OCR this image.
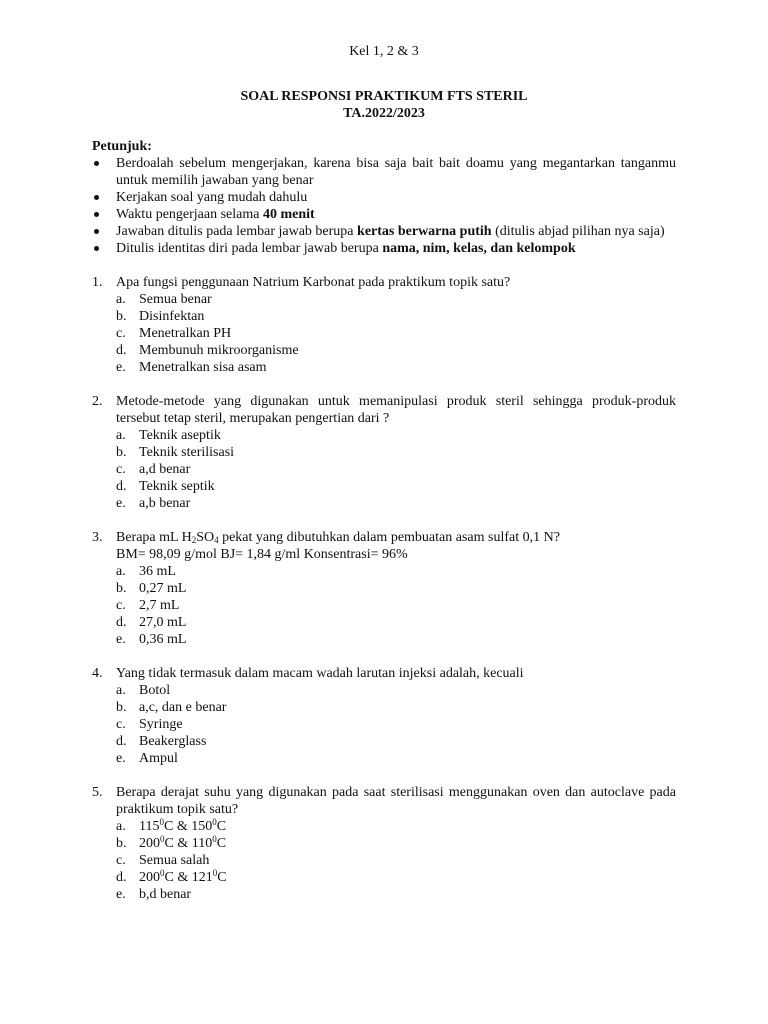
Kel 1, 2 & 3
SOAL RESPONSI PRAKTIKUM FTS STERIL
TA.2022/2023

Petunjuk:

Berdoalah sebelum mengerjakan, karena bisa saja bait bait doamu yang megantarkan tanganmu untuk memilih jawaban yang benar
Kerjakan soal yang mudah dahulu
Waktu pengerjaan selama 40 menit
Jawaban ditulis pada lembar jawab berupa kertas berwarna putih (ditulis abjad pilihan nya saja)
Ditulis identitas diri pada lembar jawab berupa nama, nim, kelas, dan kelompok
1. Apa fungsi penggunaan Natrium Karbonat pada praktikum topik satu?
a. Semua benar
b. Disinfektan
c. Menetralkan PH
d. Membunuh mikroorganisme
e. Menetralkan sisa asam
2. Metode-metode yang digunakan untuk memanipulasi produk steril sehingga produk-produk tersebut tetap steril, merupakan pengertian dari ?
a. Teknik aseptik
b. Teknik sterilisasi
c. a,d benar
d. Teknik septik
e. a,b benar
3. Berapa mL $H_2SO_4$ pekat yang dibutuhkan dalam pembuatan asam sulfat 0,1 N?
BM= 98,09 g/mol BJ= 1,84 g/ml Konsentrasi= 96%
a. 36 mL
b. 0,27 mL
c. 2,7 mL
d. 27,0 mL
e. 0,36 mL
4. Yang tidak termasuk dalam macam wadah larutan injeksi adalah, kecuali
a. Botol
b. a,c, dan e benar
c. Syringe
d. Beakerglass
e. Ampul
5. Berapa derajat suhu yang digunakan pada saat sterilisasi menggunakan oven dan autoclave pada praktikum topik satu?
a. $115^0C$ & $150^0C$
b. $200^0C$ & $110^0C$
c. Semua salah
d. $200^0C$ & $121^0C$
e. b,d benar
